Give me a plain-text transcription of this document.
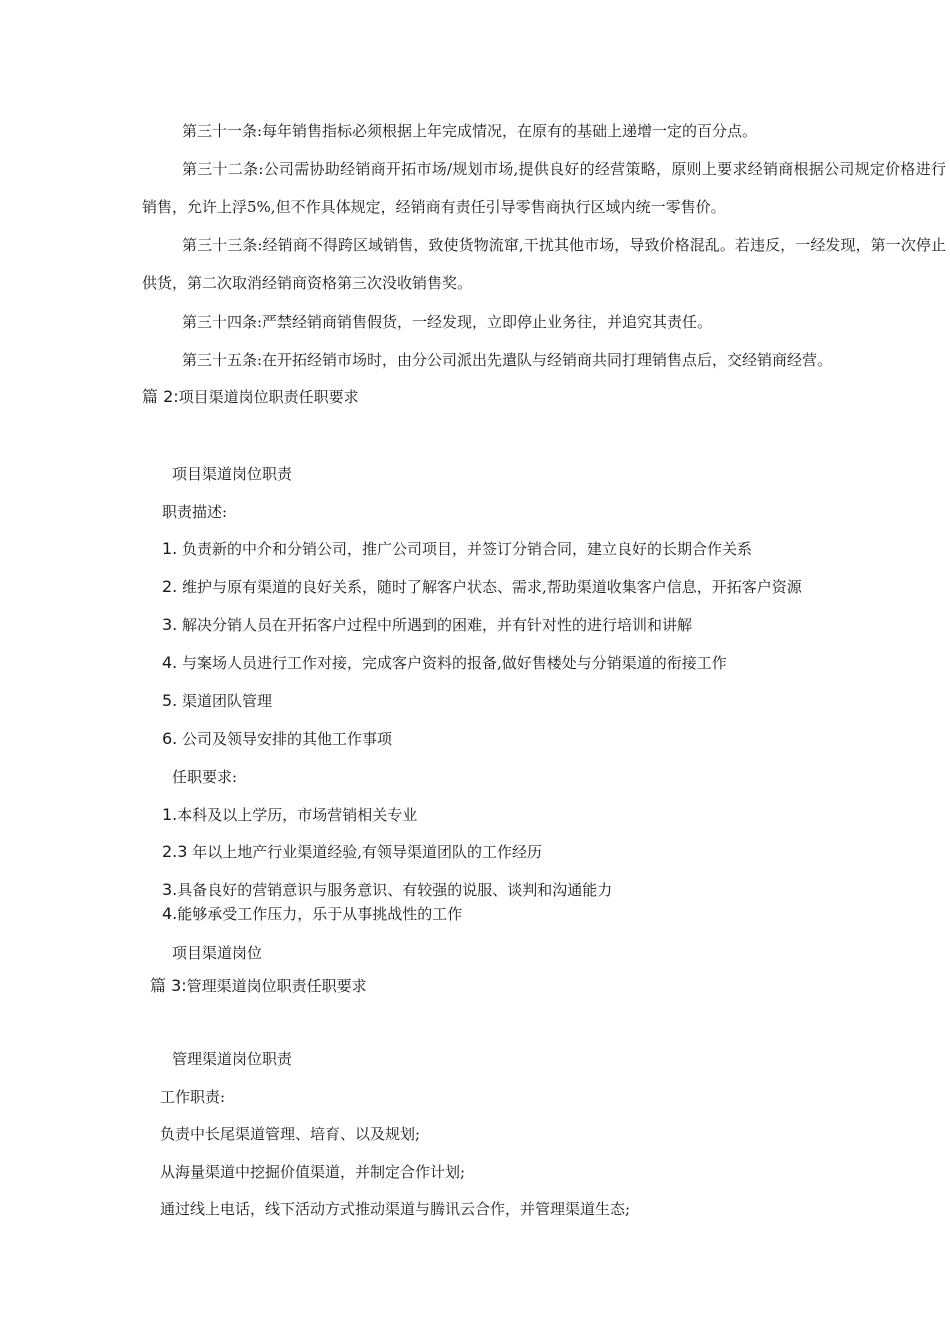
第三十一条:每年销售指标必须根据上年完成情况，在原有的基础上递增一定的百分点。

第三十二条:公司需协助经销商开拓市场/规划市场,提供良好的经营策略，原则上要求经销商根据公司规定价格进行销售，允许上浮5%,但不作具体规定，经销商有责任引导零售商执行区域内统一零售价。

第三十三条:经销商不得跨区域销售，致使货物流窜,干扰其他市场，导致价格混乱。若违反，一经发现，第一次停止供货，第二次取消经销商资格第三次没收销售奖。

第三十四条:严禁经销商销售假货，一经发现，立即停止业务往，并追究其责任。

第三十五条:在开拓经销市场时，由分公司派出先遣队与经销商共同打理销售点后，交经销商经营。

篇 2:项目渠道岗位职责任职要求

项目渠道岗位职责

职责描述:

1. 负责新的中介和分销公司，推广公司项目，并签订分销合同，建立良好的长期合作关系

2. 维护与原有渠道的良好关系，随时了解客户状态、需求,帮助渠道收集客户信息，开拓客户资源

3. 解决分销人员在开拓客户过程中所遇到的困难，并有针对性的进行培训和讲解

4. 与案场人员进行工作对接，完成客户资料的报备,做好售楼处与分销渠道的衔接工作

5. 渠道团队管理

6. 公司及领导安排的其他工作事项

任职要求:

1.本科及以上学历，市场营销相关专业

2.3 年以上地产行业渠道经验,有领导渠道团队的工作经历

3.具备良好的营销意识与服务意识、有较强的说服、谈判和沟通能力

4.能够承受工作压力，乐于从事挑战性的工作

项目渠道岗位

篇 3:管理渠道岗位职责任职要求

管理渠道岗位职责

工作职责:

负责中长尾渠道管理、培育、以及规划;

从海量渠道中挖掘价值渠道，并制定合作计划;

通过线上电话，线下活动方式推动渠道与腾讯云合作，并管理渠道生态;
